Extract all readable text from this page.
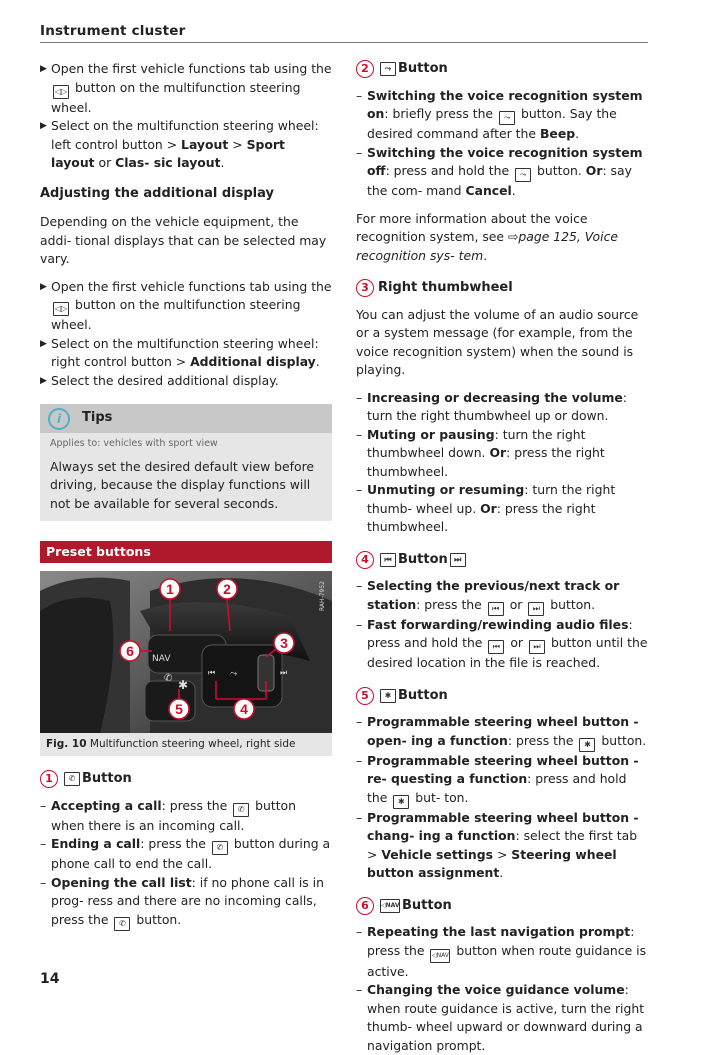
Instrument cluster

▶ Open the first vehicle functions tab using the ◁▷ button on the multifunction steering wheel.

▶ Select on the multifunction steering wheel: left control button > Layout > Sport layout or Clas- sic layout.

Adjusting the additional display

Depending on the vehicle equipment, the addi- tional displays that can be selected may vary.

▶ Open the first vehicle functions tab using the ◁▷ button on the multifunction steering wheel.

▶ Select on the multifunction steering wheel: right control button > Additional display.

▶ Select the desired additional display.

i	Tips
Applies to: vehicles with sport view
Always set the desired default view before driving, because the display functions will not be available for several seconds.
Preset buttons
✆	⤳
NAV
✱
⏮	⏭
RAH-7952
1	2
3
4
5
6
Fig. 10 Multifunction steering wheel, right side
1	✆ Button

– Accepting a call: press the ✆ button when there is an incoming call.

– Ending a call: press the ✆ button during a phone call to end the call.

– Opening the call list: if no phone call is in prog- ress and there are no incoming calls, press the ✆ button.

2	⤳ Button

– Switching the voice recognition system on: briefly press the ⤳ button. Say the desired command after the Beep.

– Switching the voice recognition system off: press and hold the ⤳ button. Or: say the com- mand Cancel.

For more information about the voice recognition system, see ⇨page 125, Voice recognition sys- tem.

3 Right thumbwheel

You can adjust the volume of an audio source or a system message (for example, from the voice recognition system) when the sound is playing.

– Increasing or decreasing the volume: turn the right thumbwheel up or down.

– Muting or pausing: turn the right thumbwheel down. Or: press the right thumbwheel.

– Unmuting or resuming: turn the right thumb- wheel up. Or: press the right thumbwheel.

4	⏮ Button ⏭

– Selecting the previous/next track or station: press the ⏮ or ⏭ button.

– Fast forwarding/rewinding audio files: press and hold the ⏮ or ⏭ button until the desired location in the file is reached.

5	✱ Button

– Programmable steering wheel button - open- ing a function: press the ✱ button.

– Programmable steering wheel button - re- questing a function: press and hold the ✱ but- ton.

– Programmable steering wheel button - chang- ing a function: select the first tab > Vehicle settings > Steering wheel button assignment.

6	◁NAV Button

– Repeating the last navigation prompt: press the ◁NAV button when route guidance is active.

– Changing the voice guidance volume: when route guidance is active, turn the right thumb- wheel upward or downward during a navigation prompt.

14
